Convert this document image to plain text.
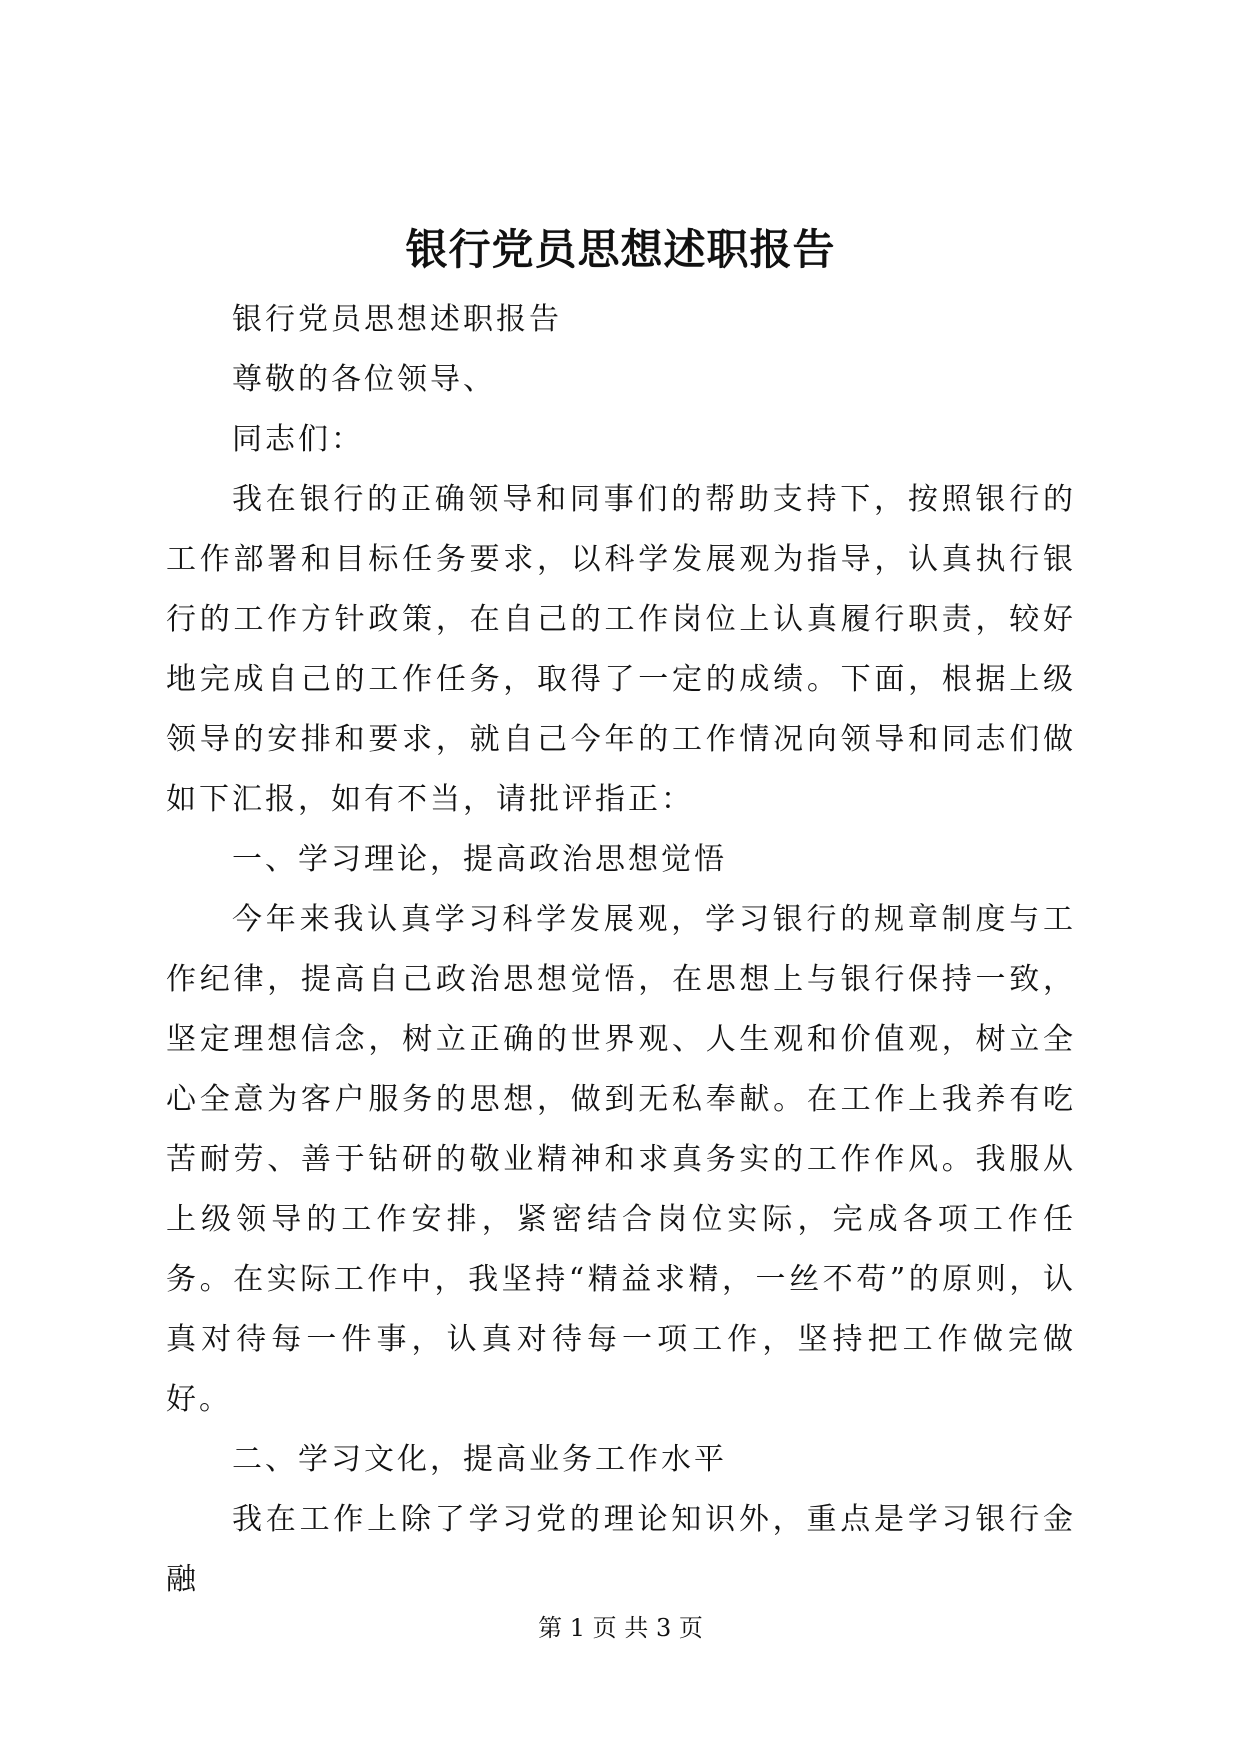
银行党员思想述职报告

银行党员思想述职报告

尊敬的各位领导、

同志们：

我在银行的正确领导和同事们的帮助支持下，按照银行的工作部署和目标任务要求，以科学发展观为指导，认真执行银行的工作方针政策，在自己的工作岗位上认真履行职责，较好地完成自己的工作任务，取得了一定的成绩。下面，根据上级领导的安排和要求，就自己今年的工作情况向领导和同志们做如下汇报，如有不当，请批评指正：

一、学习理论，提高政治思想觉悟

今年来我认真学习科学发展观，学习银行的规章制度与工作纪律，提高自己政治思想觉悟，在思想上与银行保持一致，坚定理想信念，树立正确的世界观、人生观和价值观，树立全心全意为客户服务的思想，做到无私奉献。在工作上我养有吃苦耐劳、善于钻研的敬业精神和求真务实的工作作风。我服从上级领导的工作安排，紧密结合岗位实际，完成各项工作任务。在实际工作中，我坚持“精益求精，一丝不苟”的原则，认真对待每一件事，认真对待每一项工作，坚持把工作做完做好。

二、学习文化，提高业务工作水平

我在工作上除了学习党的理论知识外，重点是学习银行金融

第 1 页 共 3 页
